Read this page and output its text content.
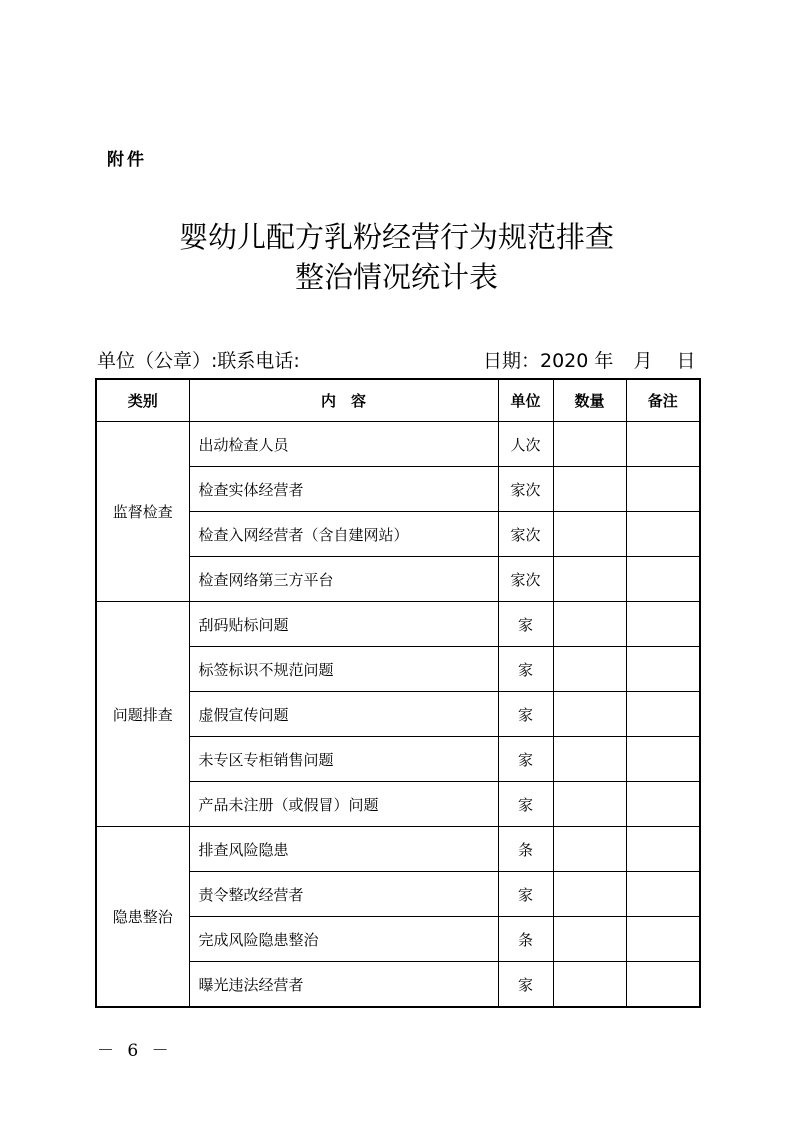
附件
婴幼儿配方乳粉经营行为规范排查
整治情况统计表
单位（公章）:联系电话:	日期：2020 年 月 日
类别	内　容	单位	数量	备注
监督检查	出动检查人员	人次		
	检查实体经营者	家次		
	检查入网经营者（含自建网站）	家次		
	检查网络第三方平台	家次		
问题排查	刮码贴标问题	家		
	标签标识不规范问题	家		
	虚假宣传问题	家		
	未专区专柜销售问题	家		
	产品未注册（或假冒）问题	家		
隐患整治	排查风险隐患	条		
	责令整改经营者	家		
	完成风险隐患整治	条		
	曝光违法经营者	家		
－ 6 －
